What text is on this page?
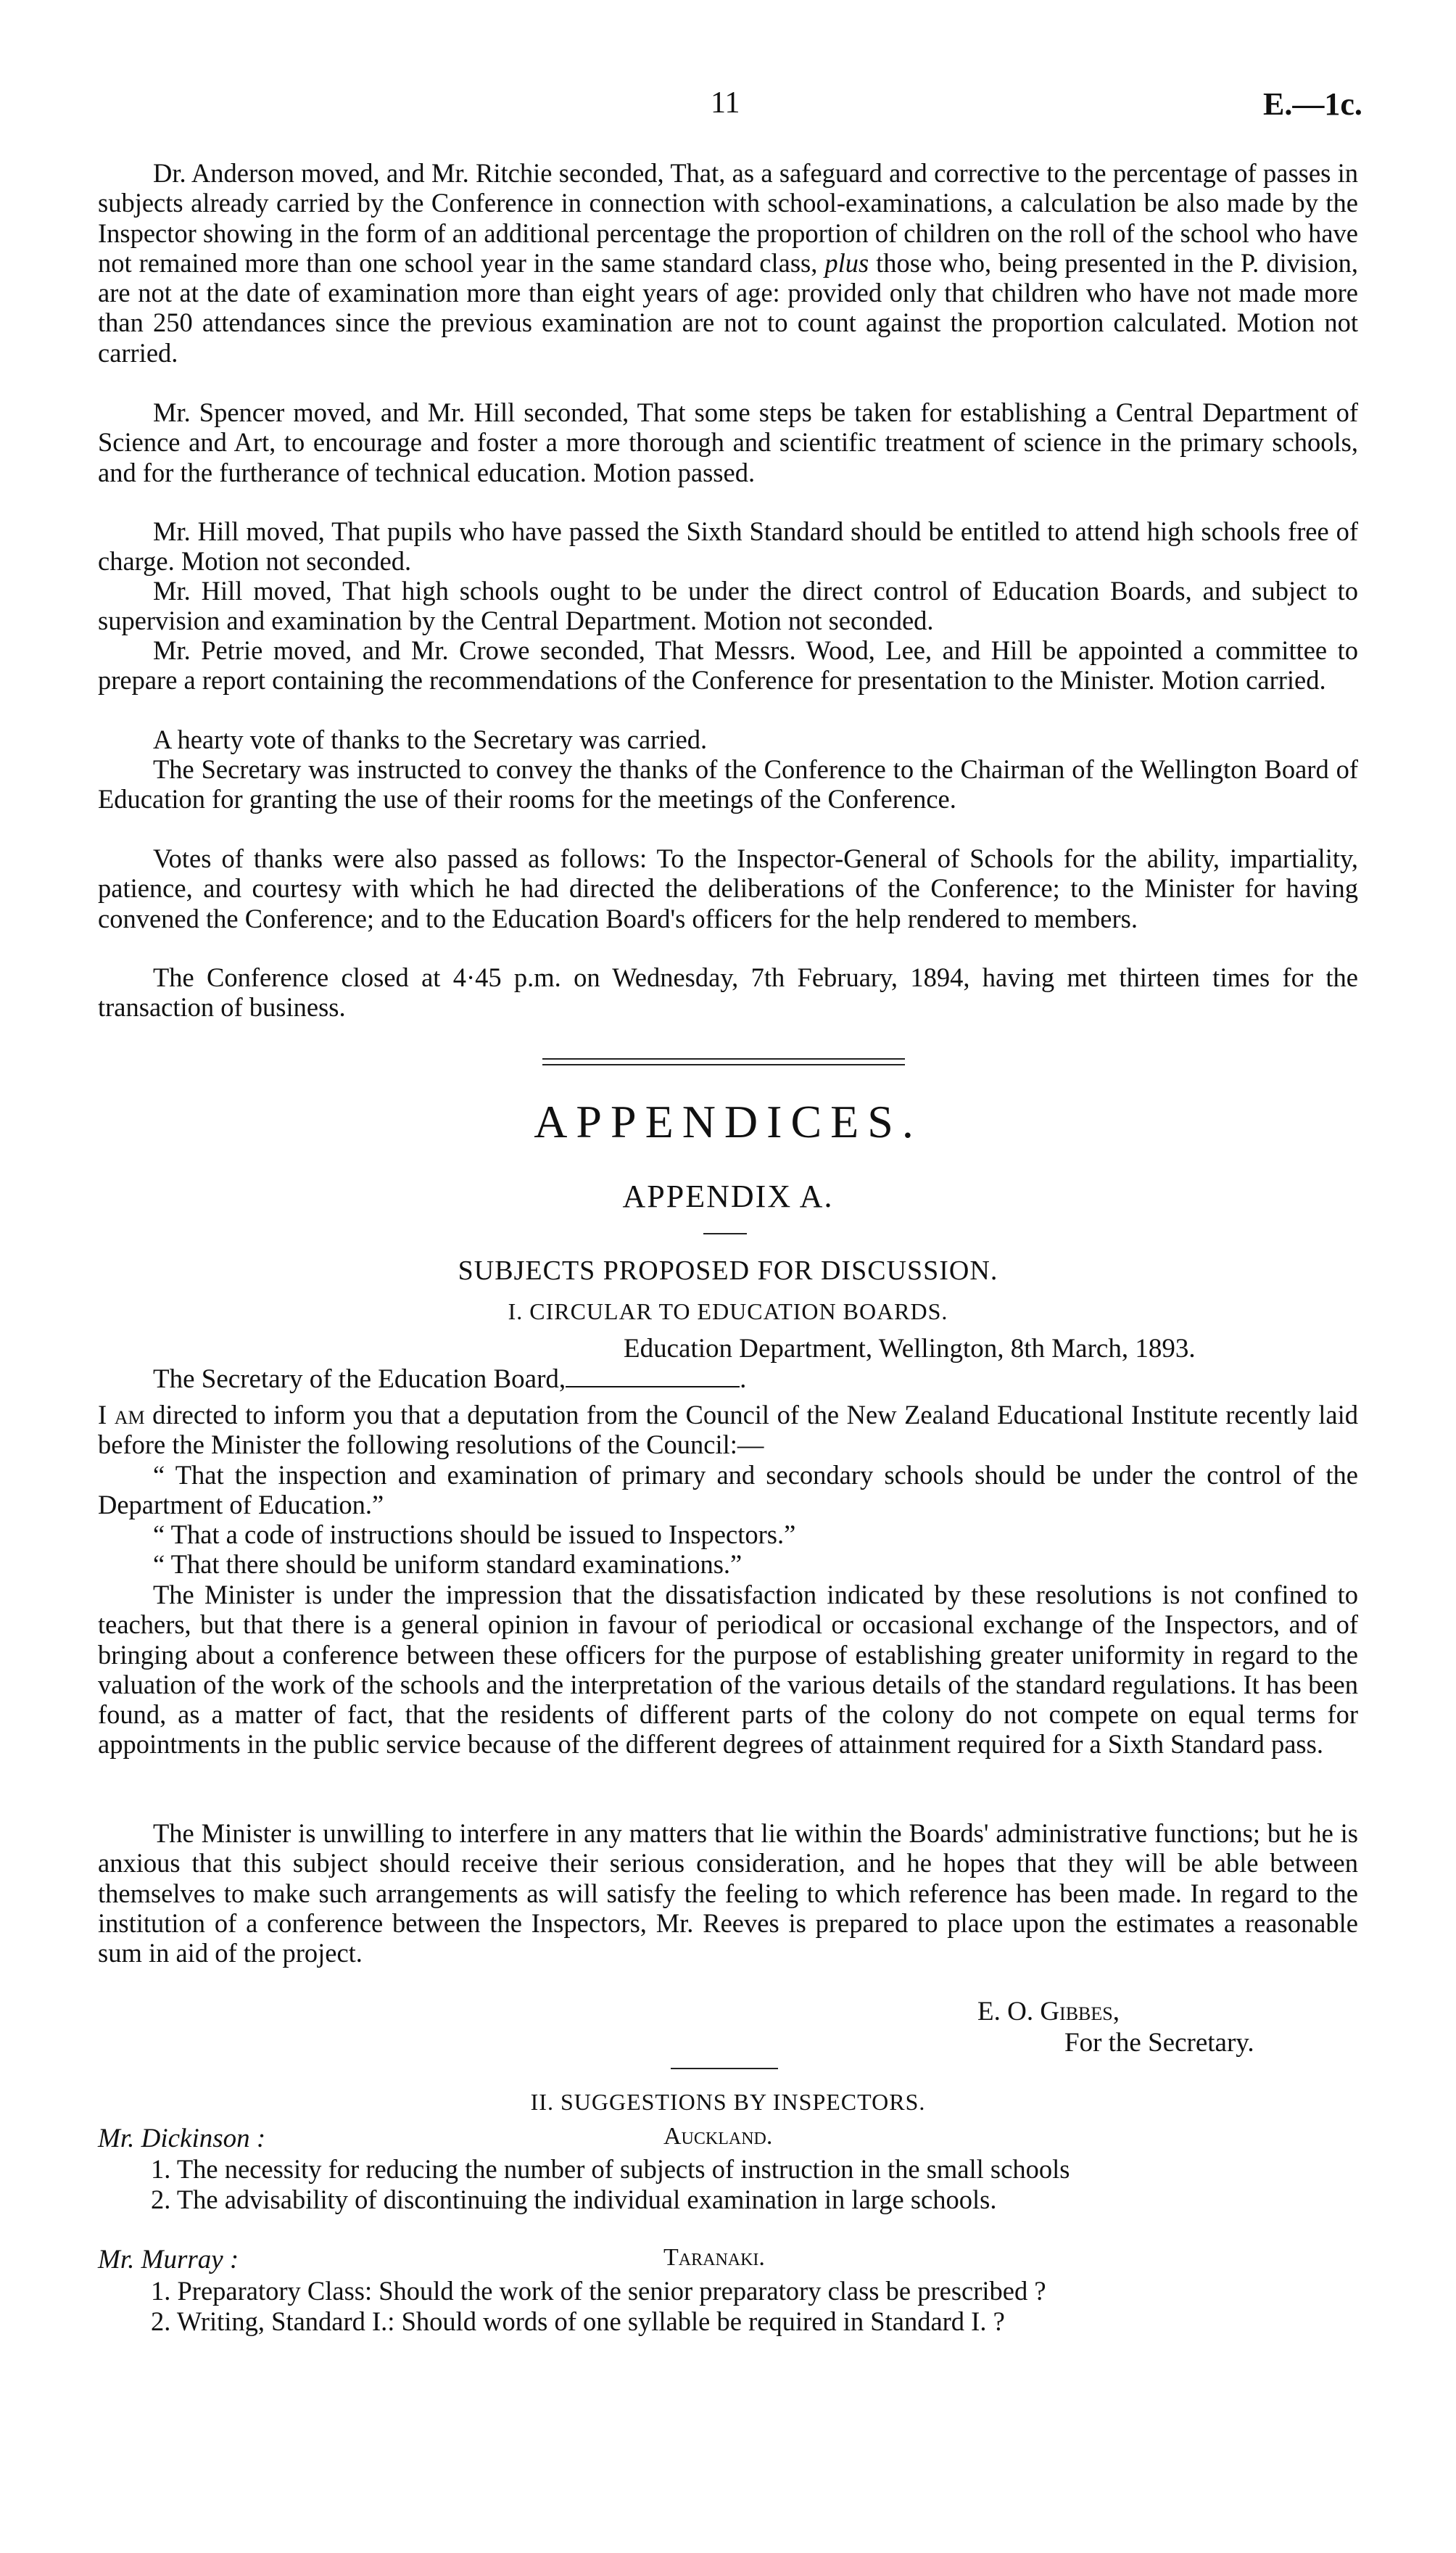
11	E.—1c.

Dr. Anderson moved, and Mr. Ritchie seconded, That, as a safeguard and corrective to the percentage of passes in subjects already carried by the Conference in connection with school-examinations, a calculation be also made by the Inspector showing in the form of an additional percentage the proportion of children on the roll of the school who have not remained more than one school year in the same standard class, plus those who, being presented in the P. division, are not at the date of examination more than eight years of age: provided only that children who have not made more than 250 attendances since the previous examination are not to count against the proportion calculated. Motion not carried.

Mr. Spencer moved, and Mr. Hill seconded, That some steps be taken for establishing a Central Department of Science and Art, to encourage and foster a more thorough and scientific treatment of science in the primary schools, and for the furtherance of technical education. Motion passed.

Mr. Hill moved, That pupils who have passed the Sixth Standard should be entitled to attend high schools free of charge. Motion not seconded.

Mr. Hill moved, That high schools ought to be under the direct control of Education Boards, and subject to supervision and examination by the Central Department. Motion not seconded.

Mr. Petrie moved, and Mr. Crowe seconded, That Messrs. Wood, Lee, and Hill be appointed a committee to prepare a report containing the recommendations of the Conference for presentation to the Minister. Motion carried.

A hearty vote of thanks to the Secretary was carried.

The Secretary was instructed to convey the thanks of the Conference to the Chairman of the Wellington Board of Education for granting the use of their rooms for the meetings of the Conference.

Votes of thanks were also passed as follows: To the Inspector-General of Schools for the ability, impartiality, patience, and courtesy with which he had directed the deliberations of the Conference; to the Minister for having convened the Conference; and to the Education Board's officers for the help rendered to members.

The Conference closed at 4·45 p.m. on Wednesday, 7th February, 1894, having met thirteen times for the transaction of business.

APPENDICES.
APPENDIX A.
SUBJECTS PROPOSED FOR DISCUSSION.
I. CIRCULAR TO EDUCATION BOARDS.
Education Department, Wellington, 8th March, 1893.
The Secretary of the Education Board,	.

I am directed to inform you that a deputation from the Council of the New Zealand Educational Institute recently laid before the Minister the following resolutions of the Council:—

“ That the inspection and examination of primary and secondary schools should be under the control of the Department of Education.”

“ That a code of instructions should be issued to Inspectors.”

“ That there should be uniform standard examinations.”

The Minister is under the impression that the dissatisfaction indicated by these resolutions is not confined to teachers, but that there is a general opinion in favour of periodical or occasional exchange of the Inspectors, and of bringing about a conference between these officers for the purpose of establishing greater uniformity in regard to the valuation of the work of the schools and the interpretation of the various details of the standard regulations. It has been found, as a matter of fact, that the residents of different parts of the colony do not compete on equal terms for appointments in the public service because of the different degrees of attainment required for a Sixth Standard pass.

The Minister is unwilling to interfere in any matters that lie within the Boards' administrative functions; but he is anxious that this subject should receive their serious consideration, and he hopes that they will be able between themselves to make such arrangements as will satisfy the feeling to which reference has been made. In regard to the institution of a conference between the Inspectors, Mr. Reeves is prepared to place upon the estimates a reasonable sum in aid of the project.

E. O. Gibbes,
For the Secretary.
II. SUGGESTIONS BY INSPECTORS.
Mr. Dickinson :	Auckland.

1. The necessity for reducing the number of subjects of instruction in the small schools

2. The advisability of discontinuing the individual examination in large schools.

Mr. Murray :	Taranaki.

1. Preparatory Class: Should the work of the senior preparatory class be prescribed ?

2. Writing, Standard I.: Should words of one syllable be required in Standard I. ?
